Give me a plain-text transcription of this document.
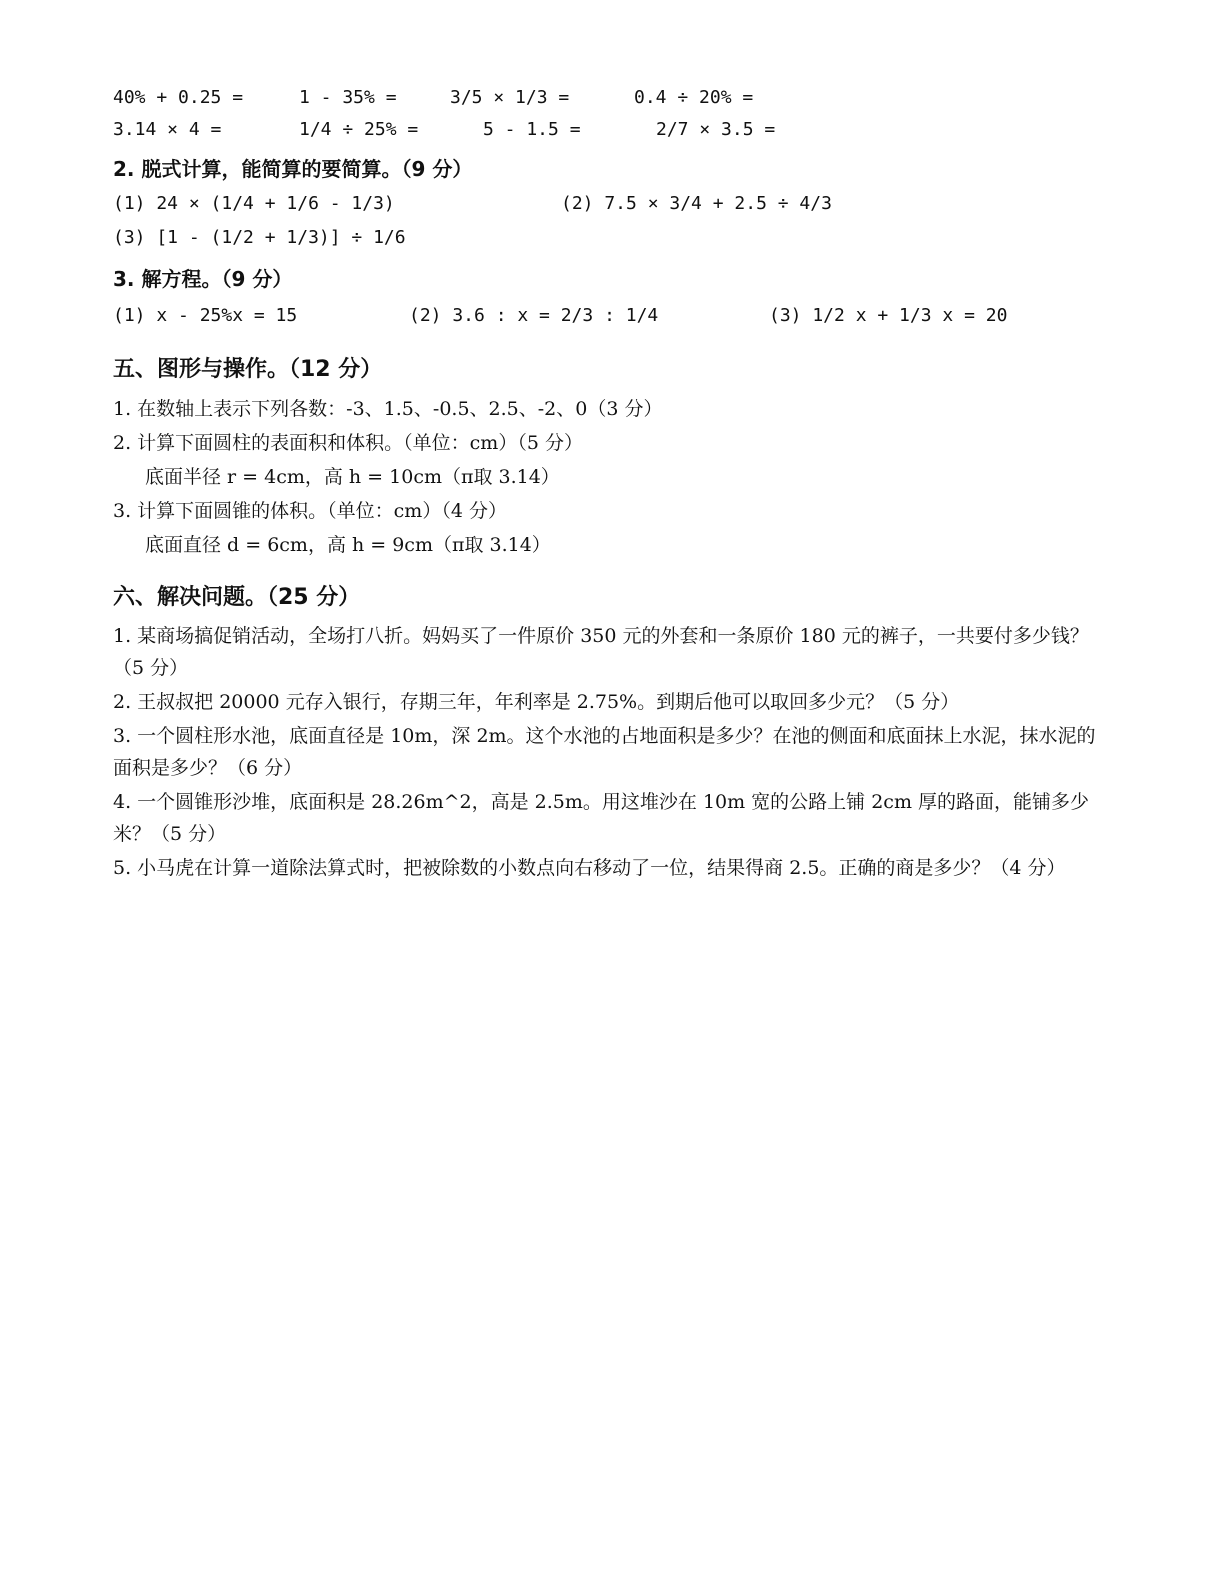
40% + 0.25 =	1 - 35% =	3/5 × 1/3 =	0.4 ÷ 20% =
3.14 × 4 =	1/4 ÷ 25% =	5 - 1.5 =	2/7 × 3.5 =
2. 脱式计算，能简算的要简算。（9 分）
(1) 24 × (1/4 + 1/6 - 1/3)	(2) 7.5 × 3/4 + 2.5 ÷ 4/3
(3) [1 - (1/2 + 1/3)] ÷ 1/6
3. 解方程。（9 分）
(1) x - 25%x = 15	(2) 3.6 : x = 2/3 : 1/4	(3) 1/2 x + 1/3 x = 20
五、图形与操作。（12 分）
1. 在数轴上表示下列各数：-3、1.5、-0.5、2.5、-2、0（3 分）
2. 计算下面圆柱的表面积和体积。（单位：cm）（5 分）
底面半径 r = 4cm，高 h = 10cm（π取 3.14）
3. 计算下面圆锥的体积。（单位：cm）（4 分）
底面直径 d = 6cm，高 h = 9cm（π取 3.14）
六、解决问题。（25 分）
1. 某商场搞促销活动，全场打八折。妈妈买了一件原价 350 元的外套和一条原价 180 元的裤子，一共要付多少钱？（5 分）
2. 王叔叔把 20000 元存入银行，存期三年，年利率是 2.75%。到期后他可以取回多少元？（5 分）
3. 一个圆柱形水池，底面直径是 10m，深 2m。这个水池的占地面积是多少？在池的侧面和底面抹上水泥，抹水泥的面积是多少？（6 分）
4. 一个圆锥形沙堆，底面积是 28.26m^2，高是 2.5m。用这堆沙在 10m 宽的公路上铺 2cm 厚的路面，能铺多少米？（5 分）
5. 小马虎在计算一道除法算式时，把被除数的小数点向右移动了一位，结果得商 2.5。正确的商是多少？（4 分）
